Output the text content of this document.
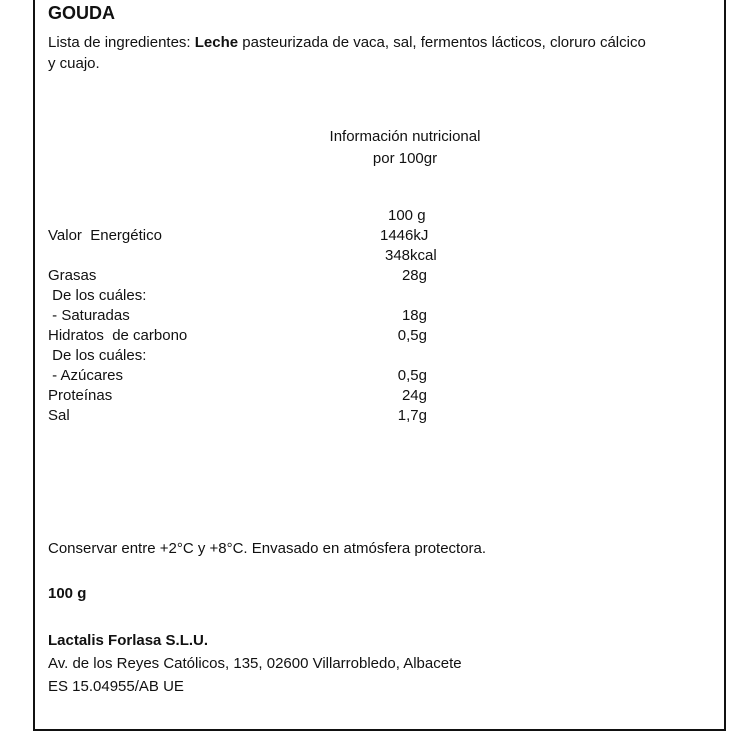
GOUDA
Lista de ingredientes: Leche pasteurizada de vaca, sal, fermentos lácticos, cloruro cálcico y cuajo.
Información nutricional
por 100gr
100 g
Valor  Energético	1446kJ
348kcal
Grasas	28g
De los cuáles:
- Saturadas	18g
Hidratos  de carbono	0,5g
De los cuáles:
- Azúcares	0,5g
Proteínas	24g
Sal	1,7g
Conservar entre +2°C y +8°C. Envasado en atmósfera protectora.
100 g
Lactalis Forlasa S.L.U.
Av. de los Reyes Católicos, 135, 02600 Villarrobledo, Albacete
ES 15.04955/AB UE
